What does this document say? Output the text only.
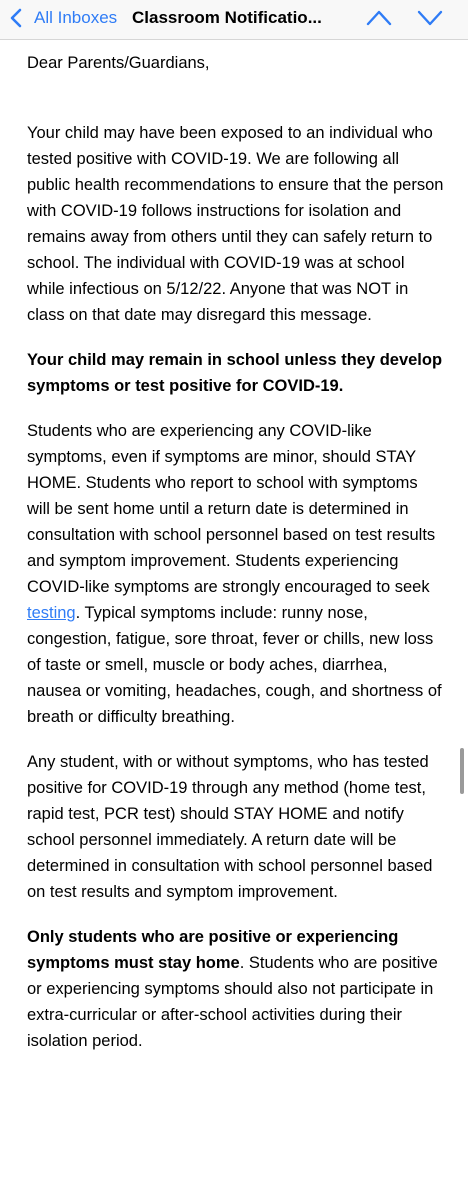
All Inboxes Classroom Notificatio...

Dear Parents/Guardians,

Your child may have been exposed to an individual who tested positive with COVID-19. We are following all public health recommendations to ensure that the person with COVID-19 follows instructions for isolation and remains away from others until they can safely return to school. The individual with COVID-19 was at school while infectious on 5/12/22. Anyone that was NOT in class on that date may disregard this message.

Your child may remain in school unless they develop symptoms or test positive for COVID-19.

Students who are experiencing any COVID-like symptoms, even if symptoms are minor, should STAY HOME. Students who report to school with symptoms will be sent home until a return date is determined in consultation with school personnel based on test results and symptom improvement. Students experiencing COVID-like symptoms are strongly encouraged to seek testing. Typical symptoms include: runny nose, congestion, fatigue, sore throat, fever or chills, new loss of taste or smell, muscle or body aches, diarrhea, nausea or vomiting, headaches, cough, and shortness of breath or difficulty breathing.

Any student, with or without symptoms, who has tested positive for COVID-19 through any method (home test, rapid test, PCR test) should STAY HOME and notify school personnel immediately. A return date will be determined in consultation with school personnel based on test results and symptom improvement.

Only students who are positive or experiencing symptoms must stay home. Students who are positive or experiencing symptoms should also not participate in extra-curricular or after-school activities during their isolation period.
